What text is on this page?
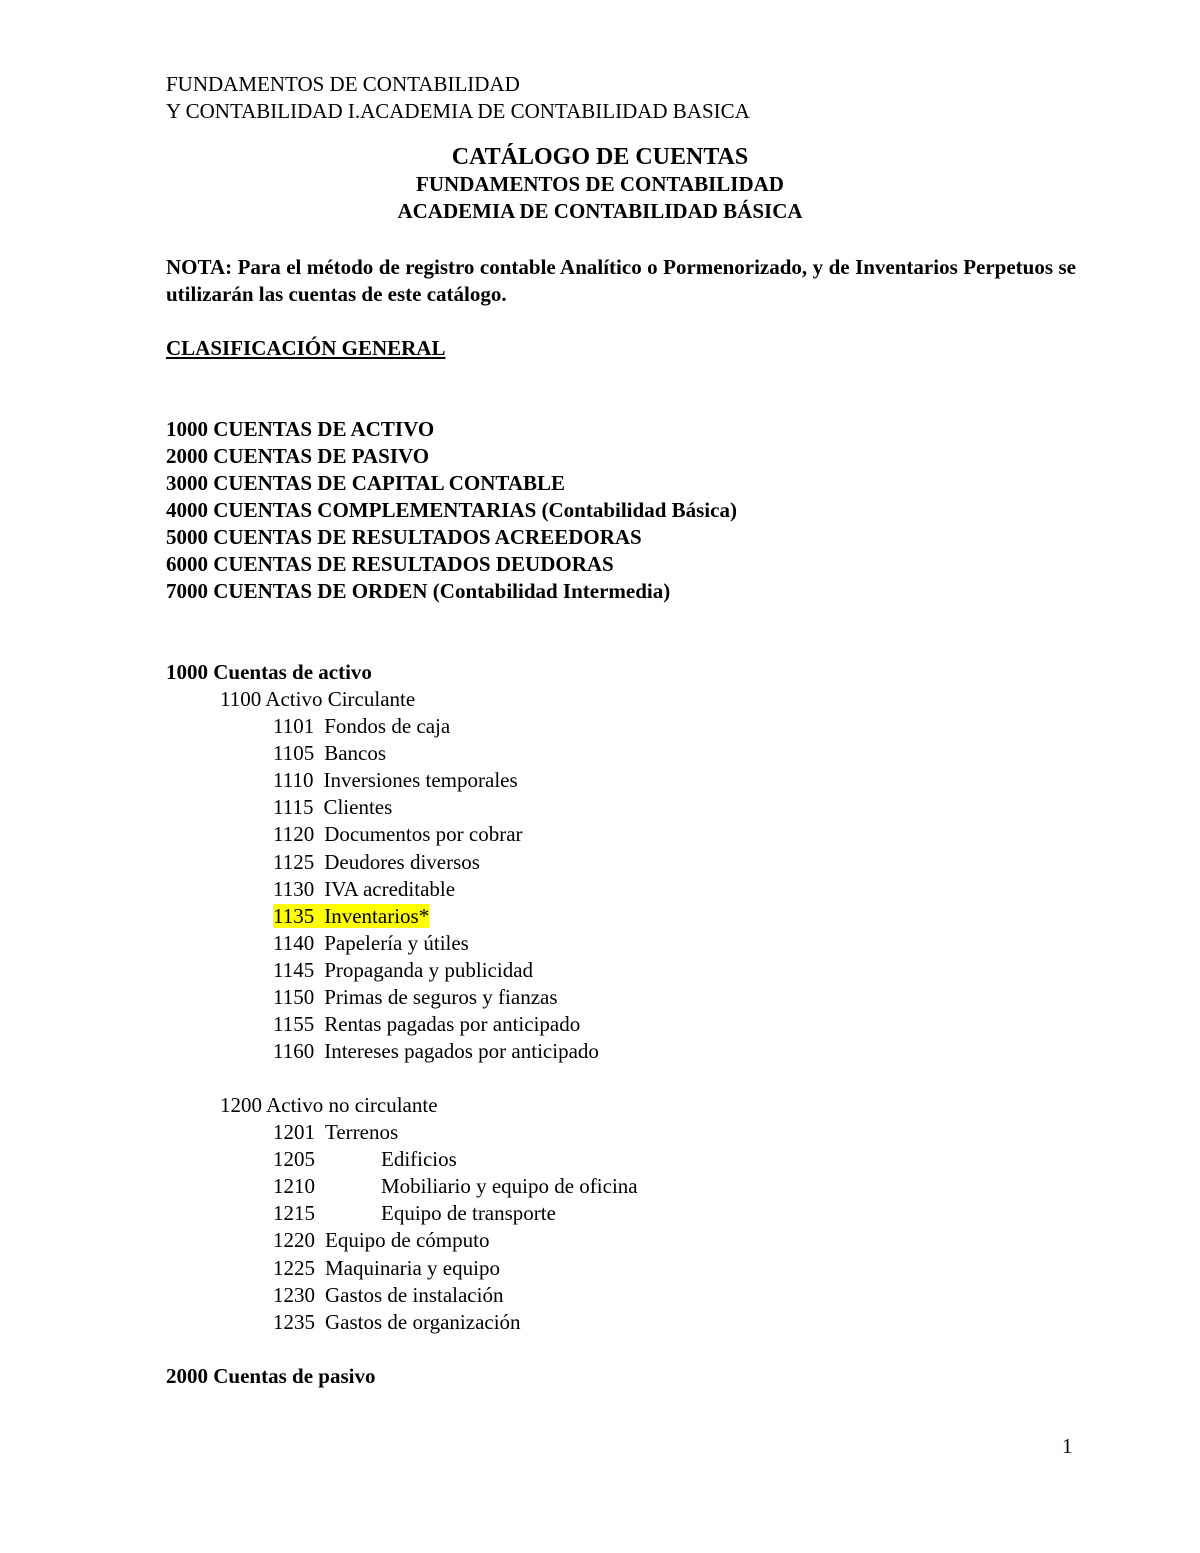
FUNDAMENTOS DE CONTABILIDAD
Y CONTABILIDAD I.ACADEMIA DE CONTABILIDAD BASICA
CATÁLOGO DE CUENTAS
FUNDAMENTOS DE CONTABILIDAD
ACADEMIA DE CONTABILIDAD BÁSICA
NOTA: Para el método de registro contable Analítico o Pormenorizado, y de Inventarios Perpetuos se utilizarán las cuentas de este catálogo.
CLASIFICACIÓN GENERAL
1000 CUENTAS DE ACTIVO
2000 CUENTAS DE PASIVO
3000 CUENTAS DE CAPITAL CONTABLE
4000 CUENTAS COMPLEMENTARIAS (Contabilidad Básica)
5000 CUENTAS DE RESULTADOS ACREEDORAS
6000 CUENTAS DE RESULTADOS DEUDORAS
7000 CUENTAS DE ORDEN (Contabilidad Intermedia)
1000 Cuentas de activo
1100 Activo Circulante
1101 Fondos de caja
1105 Bancos
1110 Inversiones temporales
1115 Clientes
1120 Documentos por cobrar
1125 Deudores diversos
1130 IVA acreditable
1135 Inventarios*
1140 Papelería y útiles
1145 Propaganda y publicidad
1150 Primas de seguros y fianzas
1155 Rentas pagadas por anticipado
1160 Intereses pagados por anticipado
1200 Activo no circulante
1201 Terrenos
1205	Edificios
1210	Mobiliario y equipo de oficina
1215	Equipo de transporte
1220 Equipo de cómputo
1225 Maquinaria y equipo
1230 Gastos de instalación
1235 Gastos de organización
2000 Cuentas de pasivo
1
